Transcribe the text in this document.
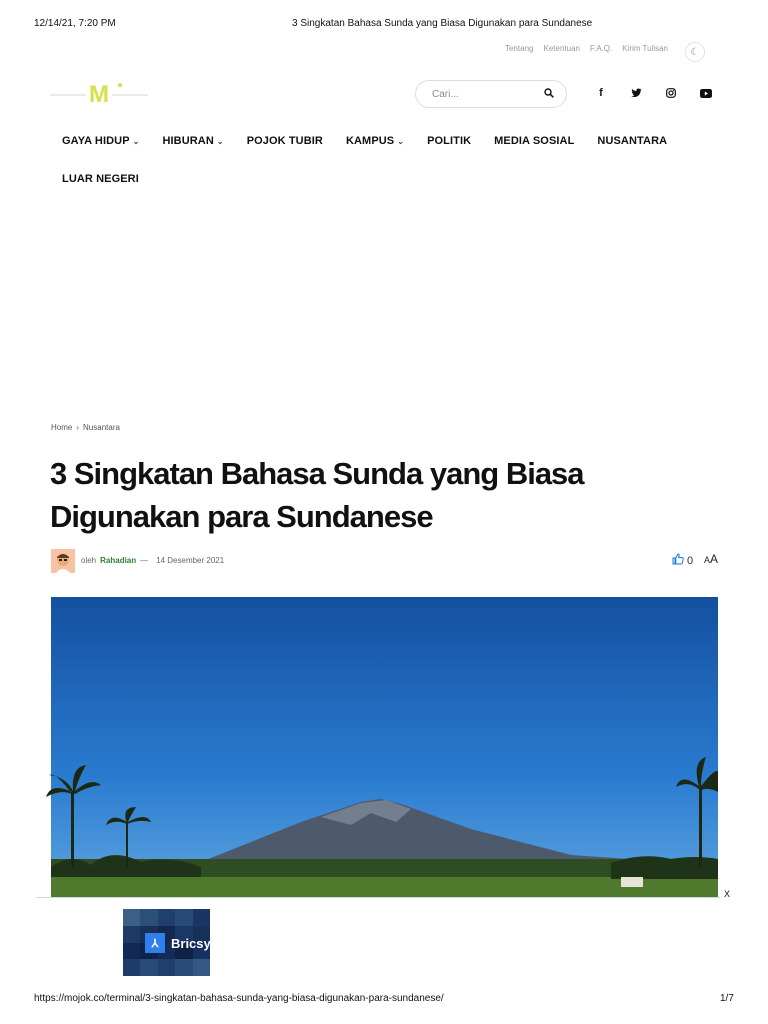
12/14/21, 7:20 PM	3 Singkatan Bahasa Sunda yang Biasa Digunakan para Sundanese
Tentang Ketentuan F.A.Q. Kirim Tulisan ☾
M
Cari...	f
GAYA HIDUP ⌄ HIBURAN ⌄ POJOK TUBIR KAMPUS ⌄ POLITIK MEDIA SOSIAL NUSANTARA
LUAR NEGERI
Home › Nusantara
3 Singkatan Bahasa Sunda yang Biasa
Digunakan para Sundanese
oleh Rahadian — 14 Desember 2021	0 AA
X
⅄ Bricsys
https://mojok.co/terminal/3-singkatan-bahasa-sunda-yang-biasa-digunakan-para-sundanese/	1/7
